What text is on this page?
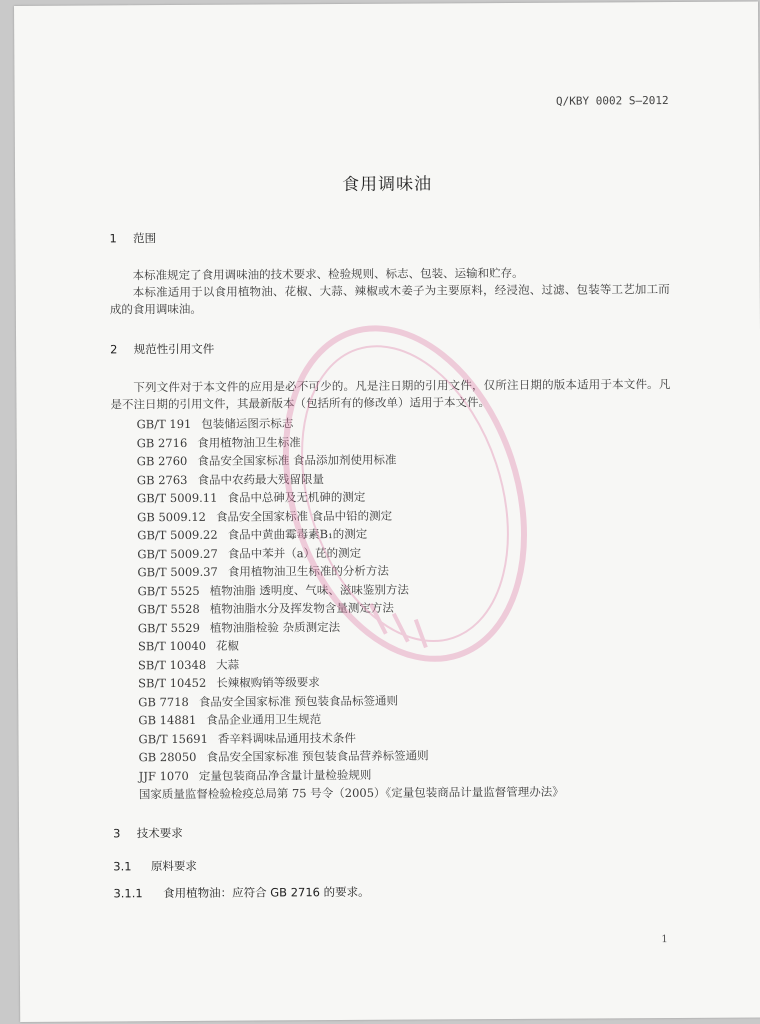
Q/KBY 0002 S—2012
食用调味油
1 范围

本标准规定了食用调味油的技术要求、检验规则、标志、包装、运输和贮存。

本标准适用于以食用植物油、花椒、大蒜、辣椒或木姜子为主要原料，经浸泡、过滤、包装等工艺加工而成的食用调味油。

2 规范性引用文件

下列文件对于本文件的应用是必不可少的。凡是注日期的引用文件，仅所注日期的版本适用于本文件。凡是不注日期的引用文件，其最新版本（包括所有的修改单）适用于本文件。

GB/T 191 包装储运图示标志
GB 2716 食用植物油卫生标准
GB 2760 食品安全国家标准 食品添加剂使用标准
GB 2763 食品中农药最大残留限量
GB/T 5009.11 食品中总砷及无机砷的测定
GB 5009.12 食品安全国家标准 食品中铅的测定
GB/T 5009.22 食品中黄曲霉毒素B₁的测定
GB/T 5009.27 食品中苯并（a）芘的测定
GB/T 5009.37 食用植物油卫生标准的分析方法
GB/T 5525 植物油脂 透明度、气味、滋味鉴别方法
GB/T 5528 植物油脂水分及挥发物含量测定方法
GB/T 5529 植物油脂检验 杂质测定法
SB/T 10040 花椒
SB/T 10348 大蒜
SB/T 10452 长辣椒购销等级要求
GB 7718 食品安全国家标准 预包装食品标签通则
GB 14881 食品企业通用卫生规范
GB/T 15691 香辛料调味品通用技术条件
GB 28050 食品安全国家标准 预包装食品营养标签通则
JJF 1070 定量包装商品净含量计量检验规则
国家质量监督检验检疫总局第 75 号令（2005）《定量包装商品计量监督管理办法》
3 技术要求
3.1 原料要求
3.1.1 食用植物油：应符合 GB 2716 的要求。
1
